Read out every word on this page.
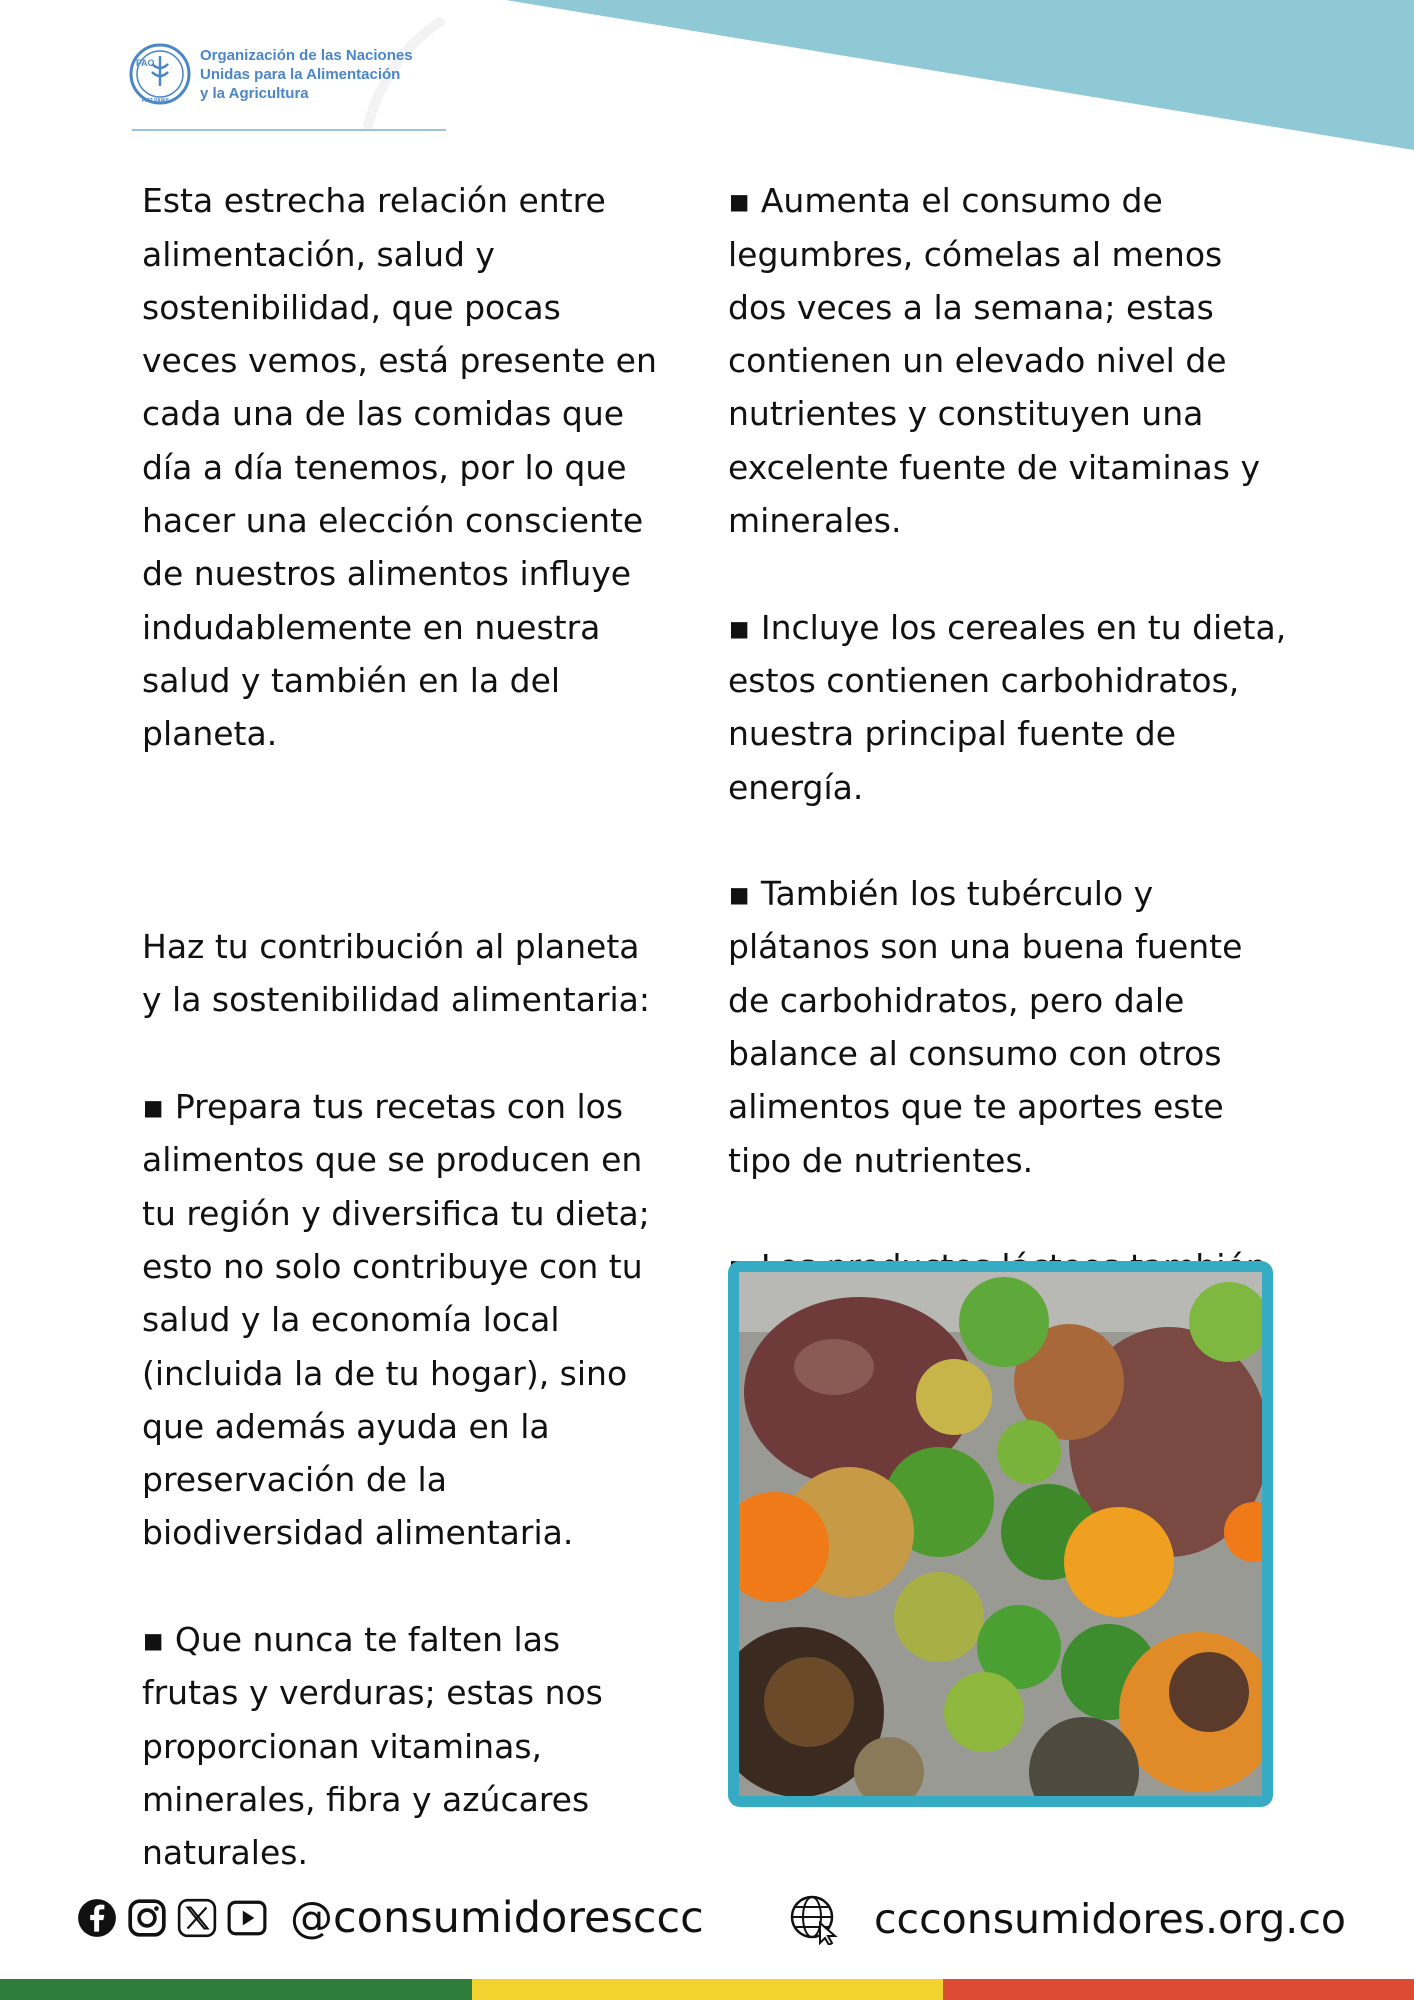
FAO
FIAT PANIS
Organización de las Naciones
Unidas para la Alimentación
y la Agricultura

Esta estrecha relación entre alimentación, salud y sostenibilidad, que pocas veces vemos, está presente en cada una de las comidas que día a día tenemos, por lo que hacer una elección consciente de nuestros alimentos influye indudablemente en nuestra salud y también en la del planeta.

Haz tu contribución al planeta y la sostenibilidad alimentaria:

▪ Prepara tus recetas con los alimentos que se producen en tu región y diversifica tu dieta; esto no solo contribuye con tu salud y la economía local (incluida la de tu hogar), sino que además ayuda en la preservación de la biodiversidad alimentaria.

▪ Que nunca te falten las frutas y verduras; estas nos proporcionan vitaminas, minerales, fibra y azúcares naturales.

▪ Aumenta el consumo de legumbres, cómelas al menos dos veces a la semana; estas contienen un elevado nivel de nutrientes y constituyen una excelente fuente de vitaminas y minerales.

▪ Incluye los cereales en tu dieta, estos contienen carbohidratos, nuestra principal fuente de energía.

▪ También los tubérculo y plátanos son una buena fuente de carbohidratos, pero dale balance al consumo con otros alimentos que te aportes este tipo de nutrientes.

@consumidoresccc	ccconsumidores.org.co
